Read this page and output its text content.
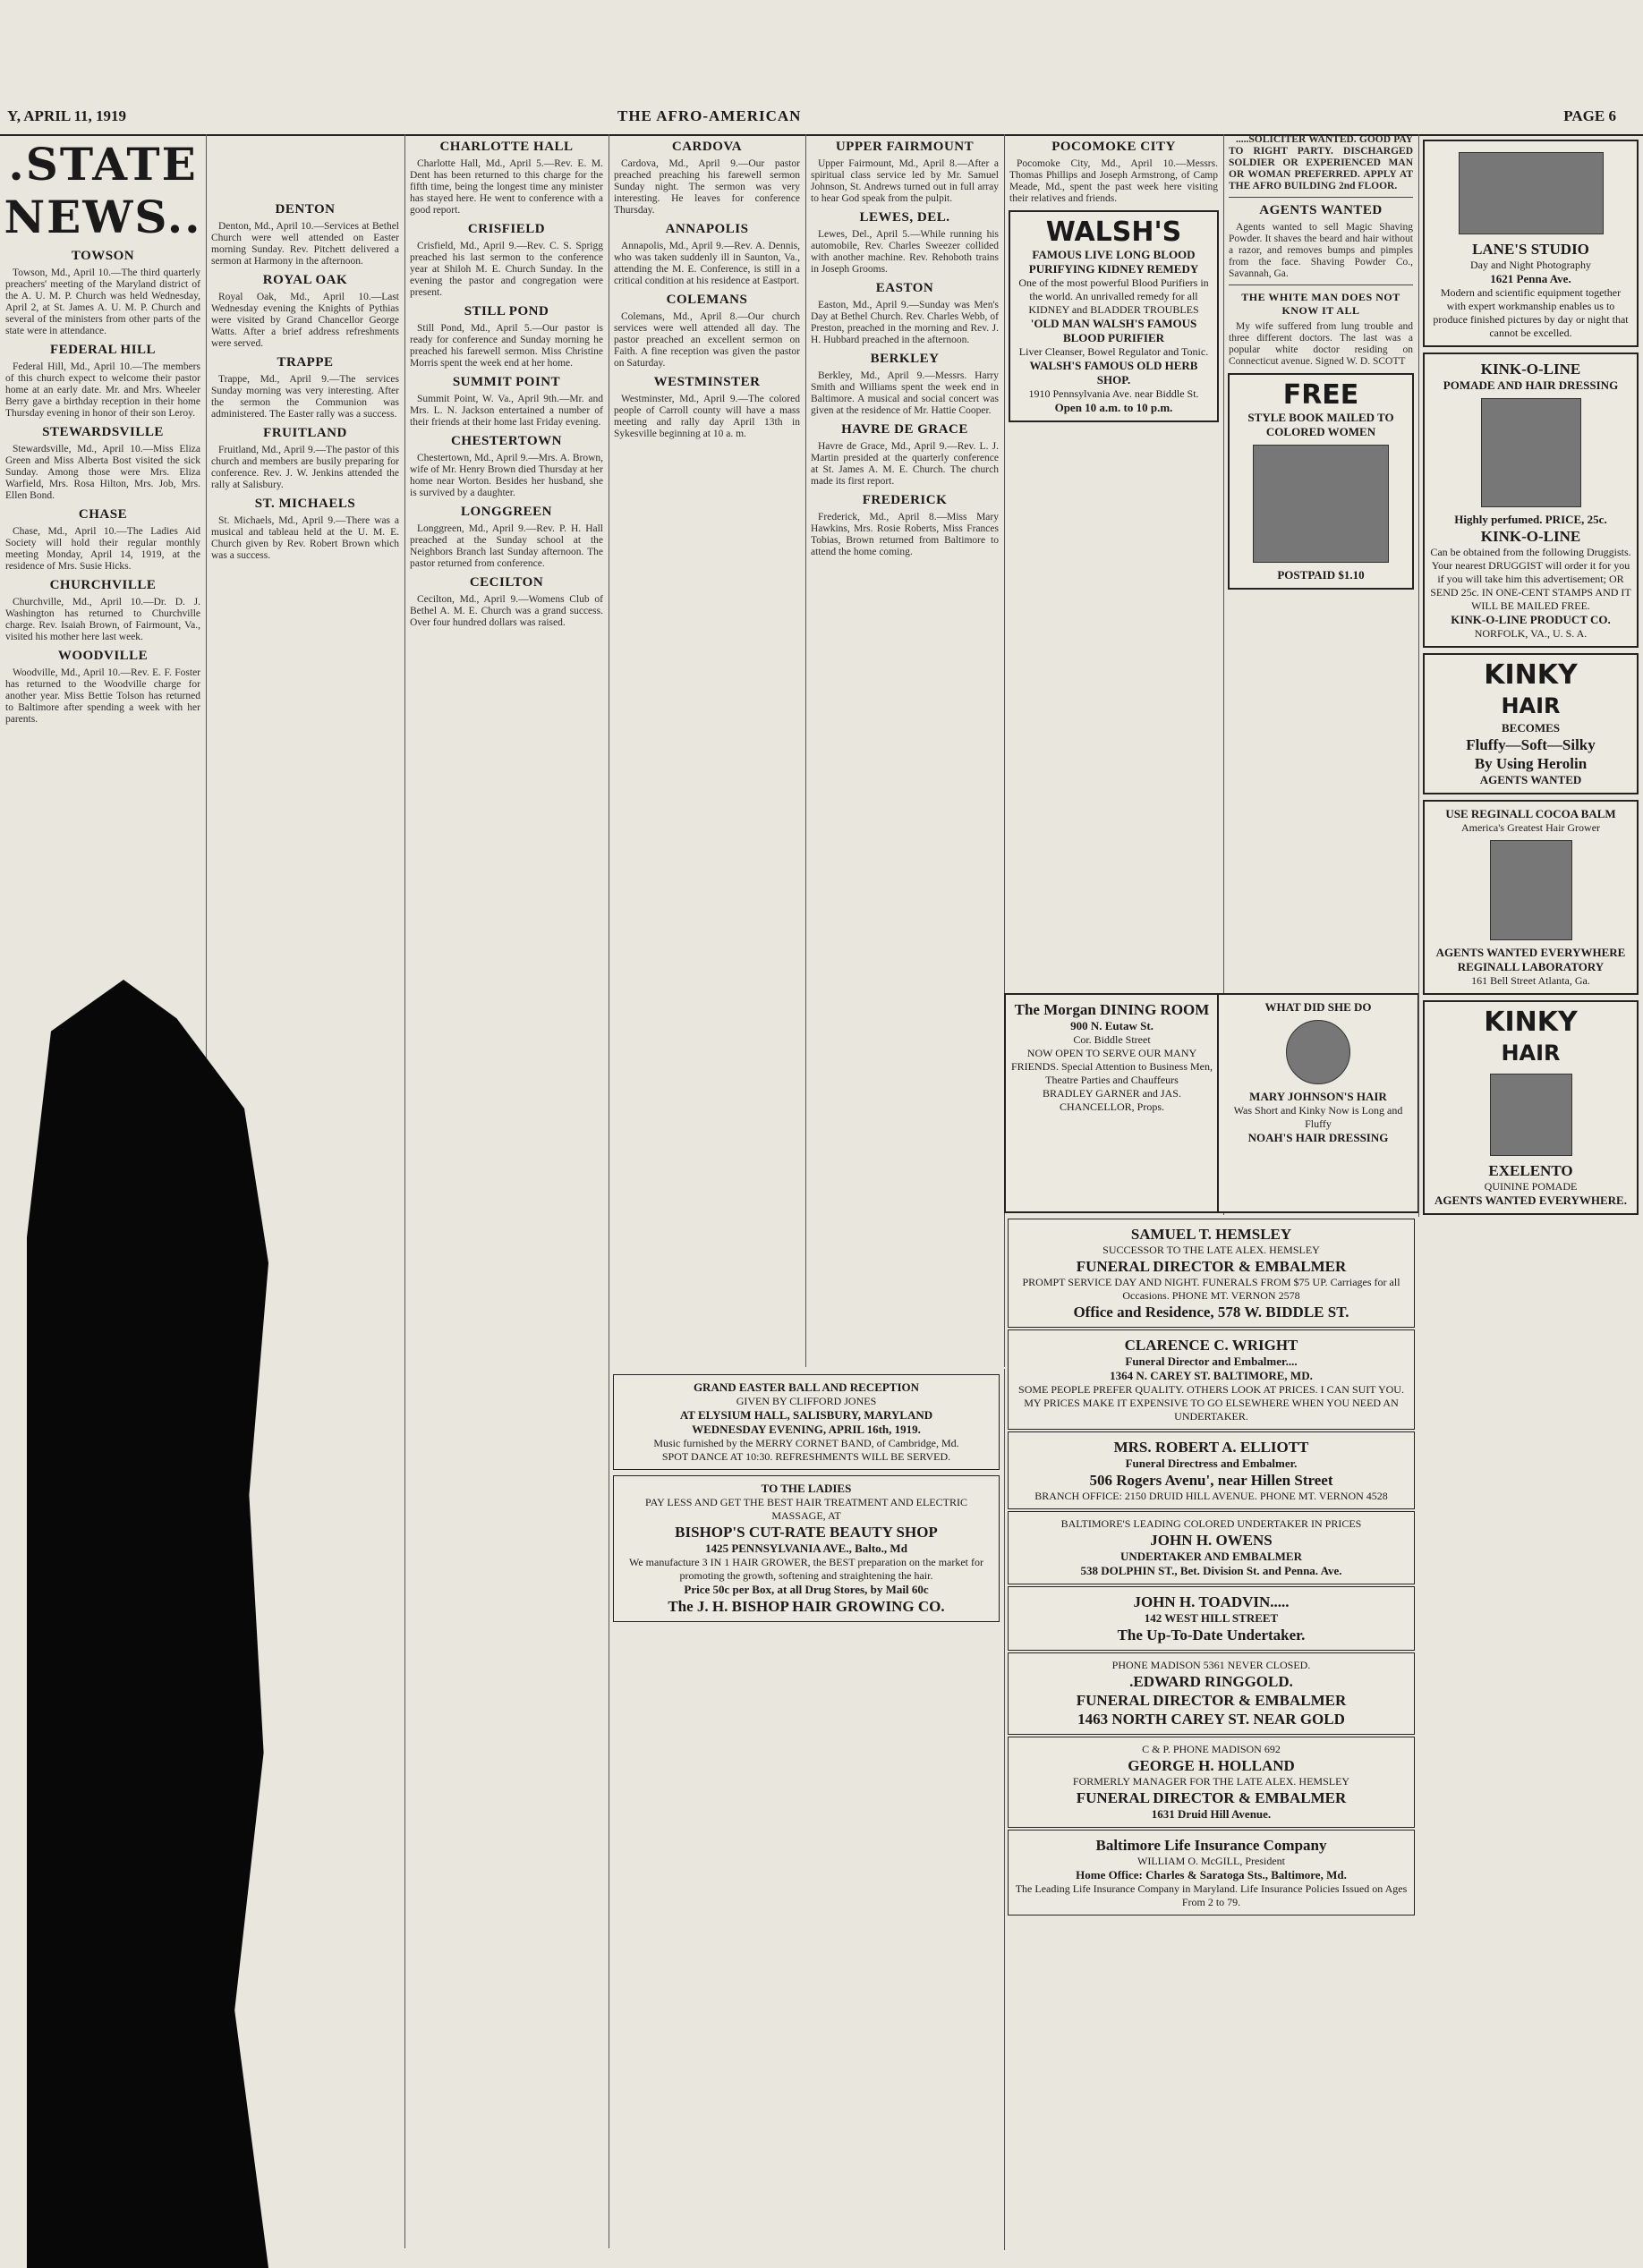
Y, APRIL 11, 1919	THE AFRO-AMERICAN	PAGE 6
.STATE NEWS..
TOWSON

Towson, Md., April 10.—The third quarterly preachers' meeting of the Maryland district of the A. U. M. P. Church was held Wednesday, April 2, at St. James A. U. M. P. Church and several of the ministers from other parts of the state were in attendance.

FEDERAL HILL

Federal Hill, Md., April 10.—The members of this church expect to welcome their pastor home at an early date. Mr. and Mrs. Wheeler Berry gave a birthday reception in their home Thursday evening in honor of their son Leroy.

STEWARDSVILLE

Stewardsville, Md., April 10.—Miss Eliza Green and Miss Alberta Bost visited the sick Sunday. Among those were Mrs. Eliza Warfield, Mrs. Rosa Hilton, Mrs. Job, Mrs. Ellen Bond.

CHASE

Chase, Md., April 10.—The Ladies Aid Society will hold their regular monthly meeting Monday, April 14, 1919, at the residence of Mrs. Susie Hicks.

CHURCHVILLE

Churchville, Md., April 10.—Dr. D. J. Washington has returned to Churchville charge. Rev. Isaiah Brown, of Fairmount, Va., visited his mother here last week.

WOODVILLE

Woodville, Md., April 10.—Rev. E. F. Foster has returned to the Woodville charge for another year. Miss Bettie Tolson has returned to Baltimore after spending a week with her parents.

DENTON

Denton, Md., April 10.—Services at Bethel Church were well attended on Easter morning Sunday. Rev. Pitchett delivered a sermon at Harmony in the afternoon.

ROYAL OAK

Royal Oak, Md., April 10.—Last Wednesday evening the Knights of Pythias were visited by Grand Chancellor George Watts. After a brief address refreshments were served.

TRAPPE

Trappe, Md., April 9.—The services Sunday morning was very interesting. After the sermon the Communion was administered. The Easter rally was a success.

FRUITLAND

Fruitland, Md., April 9.—The pastor of this church and members are busily preparing for conference. Rev. J. W. Jenkins attended the rally at Salisbury.

ST. MICHAELS

St. Michaels, Md., April 9.—There was a musical and tableau held at the U. M. E. Church given by Rev. Robert Brown which was a success.

CHARLOTTE HALL

Charlotte Hall, Md., April 5.—Rev. E. M. Dent has been returned to this charge for the fifth time, being the longest time any minister has stayed here. He went to conference with a good report.

CRISFIELD

Crisfield, Md., April 9.—Rev. C. S. Sprigg preached his last sermon to the conference year at Shiloh M. E. Church Sunday. In the evening the pastor and congregation were present.

STILL POND

Still Pond, Md., April 5.—Our pastor is ready for conference and Sunday morning he preached his farewell sermon. Miss Christine Morris spent the week end at her home.

SUMMIT POINT

Summit Point, W. Va., April 9th.—Mr. and Mrs. L. N. Jackson entertained a number of their friends at their home last Friday evening.

CHESTERTOWN

Chestertown, Md., April 9.—Mrs. A. Brown, wife of Mr. Henry Brown died Thursday at her home near Worton. Besides her husband, she is survived by a daughter.

LONGGREEN

Longgreen, Md., April 9.—Rev. P. H. Hall preached at the Sunday school at the Neighbors Branch last Sunday afternoon. The pastor returned from conference.

CECILTON

Cecilton, Md., April 9.—Womens Club of Bethel A. M. E. Church was a grand success. Over four hundred dollars was raised.

CARDOVA

Cardova, Md., April 9.—Our pastor preached preaching his farewell sermon Sunday night. The sermon was very interesting. He leaves for conference Thursday.

ANNAPOLIS

Annapolis, Md., April 9.—Rev. A. Dennis, who was taken suddenly ill in Saunton, Va., attending the M. E. Conference, is still in a critical condition at his residence at Eastport.

COLEMANS

Colemans, Md., April 8.—Our church services were well attended all day. The pastor preached an excellent sermon on Faith. A fine reception was given the pastor on Saturday.

WESTMINSTER

Westminster, Md., April 9.—The colored people of Carroll county will have a mass meeting and rally day April 13th in Sykesville beginning at 10 a. m.

UPPER FAIRMOUNT

Upper Fairmount, Md., April 8.—After a spiritual class service led by Mr. Samuel Johnson, St. Andrews turned out in full array to hear God speak from the pulpit.

LEWES, DEL.

Lewes, Del., April 5.—While running his automobile, Rev. Charles Sweezer collided with another machine. Rev. Rehoboth trains in Joseph Grooms.

EASTON

Easton, Md., April 9.—Sunday was Men's Day at Bethel Church. Rev. Charles Webb, of Preston, preached in the morning and Rev. J. H. Hubbard preached in the afternoon.

BERKLEY

Berkley, Md., April 9.—Messrs. Harry Smith and Williams spent the week end in Baltimore. A musical and social concert was given at the residence of Mr. Hattie Cooper.

HAVRE DE GRACE

Havre de Grace, Md., April 9.—Rev. L. J. Martin presided at the quarterly conference at St. James A. M. E. Church. The church made its first report.

FREDERICK

Frederick, Md., April 8.—Miss Mary Hawkins, Mrs. Rosie Roberts, Miss Frances Tobias, Brown returned from Baltimore to attend the home coming.

GRAND EASTER BALL AND RECEPTION
GIVEN BY CLIFFORD JONES
AT ELYSIUM HALL, SALISBURY, MARYLAND
WEDNESDAY EVENING, APRIL 16th, 1919.
Music furnished by the MERRY CORNET BAND, of Cambridge, Md.
SPOT DANCE AT 10:30. REFRESHMENTS WILL BE SERVED.
TO THE LADIES
PAY LESS AND GET THE BEST HAIR TREATMENT AND ELECTRIC MASSAGE, AT
BISHOP'S CUT-RATE BEAUTY SHOP
1425 PENNSYLVANIA AVE., Balto., Md
We manufacture 3 IN 1 HAIR GROWER, the BEST preparation on the market for promoting the growth, softening and straightening the hair.
Price 50c per Box, at all Drug Stores, by Mail 60c
The J. H. BISHOP HAIR GROWING CO.
POCOMOKE CITY

Pocomoke City, Md., April 10.—Messrs. Thomas Phillips and Joseph Armstrong, of Camp Meade, Md., spent the past week here visiting their relatives and friends.

WALSH'S
FAMOUS LIVE LONG BLOOD PURIFYING KIDNEY REMEDY
One of the most powerful Blood Purifiers in the world. An unrivalled remedy for all KIDNEY and BLADDER TROUBLES
'OLD MAN WALSH'S FAMOUS BLOOD PURIFIER
Liver Cleanser, Bowel Regulator and Tonic.
WALSH'S FAMOUS OLD HERB SHOP.
1910 Pennsylvania Ave. near Biddle St.
Open 10 a.m. to 10 p.m.

.....SOLICITER WANTED. GOOD PAY TO RIGHT PARTY. DISCHARGED SOLDIER OR EXPERIENCED MAN OR WOMAN PREFERRED. APPLY AT THE AFRO BUILDING 2nd FLOOR.

AGENTS WANTED

Agents wanted to sell Magic Shaving Powder. It shaves the beard and hair without a razor, and removes bumps and pimples from the face. Shaving Powder Co., Savannah, Ga.

THE WHITE MAN DOES NOT KNOW IT ALL

My wife suffered from lung trouble and three different doctors. The last was a popular white doctor residing on Connecticut avenue. Signed W. D. SCOTT

FREE
STYLE BOOK MAILED TO COLORED WOMEN
POSTPAID $1.10
The Morgan DINING ROOM
900 N. Eutaw St.
Cor. Biddle Street
NOW OPEN TO SERVE OUR MANY FRIENDS. Special Attention to Business Men, Theatre Parties and Chauffeurs
BRADLEY GARNER and JAS. CHANCELLOR, Props.
WHAT DID SHE DO
MARY JOHNSON'S HAIR
Was Short and Kinky Now is Long and Fluffy
NOAH'S HAIR DRESSING
SAMUEL T. HEMSLEY
SUCCESSOR TO THE LATE ALEX. HEMSLEY
FUNERAL DIRECTOR & EMBALMER
PROMPT SERVICE DAY AND NIGHT. FUNERALS FROM $75 UP. Carriages for all Occasions. PHONE MT. VERNON 2578
Office and Residence, 578 W. BIDDLE ST.
CLARENCE C. WRIGHT
Funeral Director and Embalmer....
1364 N. CAREY ST. BALTIMORE, MD.
SOME PEOPLE PREFER QUALITY. OTHERS LOOK AT PRICES. I CAN SUIT YOU. MY PRICES MAKE IT EXPENSIVE TO GO ELSEWHERE WHEN YOU NEED AN UNDERTAKER.
MRS. ROBERT A. ELLIOTT
Funeral Directress and Embalmer.
506 Rogers Avenu', near Hillen Street
BRANCH OFFICE: 2150 DRUID HILL AVENUE. PHONE MT. VERNON 4528
BALTIMORE'S LEADING COLORED UNDERTAKER IN PRICES
JOHN H. OWENS
UNDERTAKER AND EMBALMER
538 DOLPHIN ST., Bet. Division St. and Penna. Ave.
JOHN H. TOADVIN.....
142 WEST HILL STREET
The Up-To-Date Undertaker.
PHONE MADISON 5361 NEVER CLOSED.
.EDWARD RINGGOLD.
FUNERAL DIRECTOR & EMBALMER
1463 NORTH CAREY ST. NEAR GOLD
C & P. PHONE MADISON 692
GEORGE H. HOLLAND
FORMERLY MANAGER FOR THE LATE ALEX. HEMSLEY
FUNERAL DIRECTOR & EMBALMER
1631 Druid Hill Avenue.
Baltimore Life Insurance Company
WILLIAM O. McGILL, President
Home Office: Charles & Saratoga Sts., Baltimore, Md.
The Leading Life Insurance Company in Maryland. Life Insurance Policies Issued on Ages From 2 to 79.
LANE'S STUDIO
Day and Night Photography
1621 Penna Ave.
Modern and scientific equipment together with expert workmanship enables us to produce finished pictures by day or night that cannot be excelled.
KINK-O-LINE
POMADE AND HAIR DRESSING
Highly perfumed. PRICE, 25c.
KINK-O-LINE
Can be obtained from the following Druggists. Your nearest DRUGGIST will order it for you if you will take him this advertisement; OR SEND 25c. IN ONE-CENT STAMPS AND IT WILL BE MAILED FREE.
KINK-O-LINE PRODUCT CO.
NORFOLK, VA., U. S. A.
KINKY
HAIR
BECOMES
Fluffy—Soft—Silky
By Using Herolin
AGENTS WANTED
USE REGINALL COCOA BALM
America's Greatest Hair Grower
AGENTS WANTED EVERYWHERE
REGINALL LABORATORY
161 Bell Street Atlanta, Ga.
KINKY
HAIR
EXELENTO
QUININE POMADE
AGENTS WANTED EVERYWHERE.
